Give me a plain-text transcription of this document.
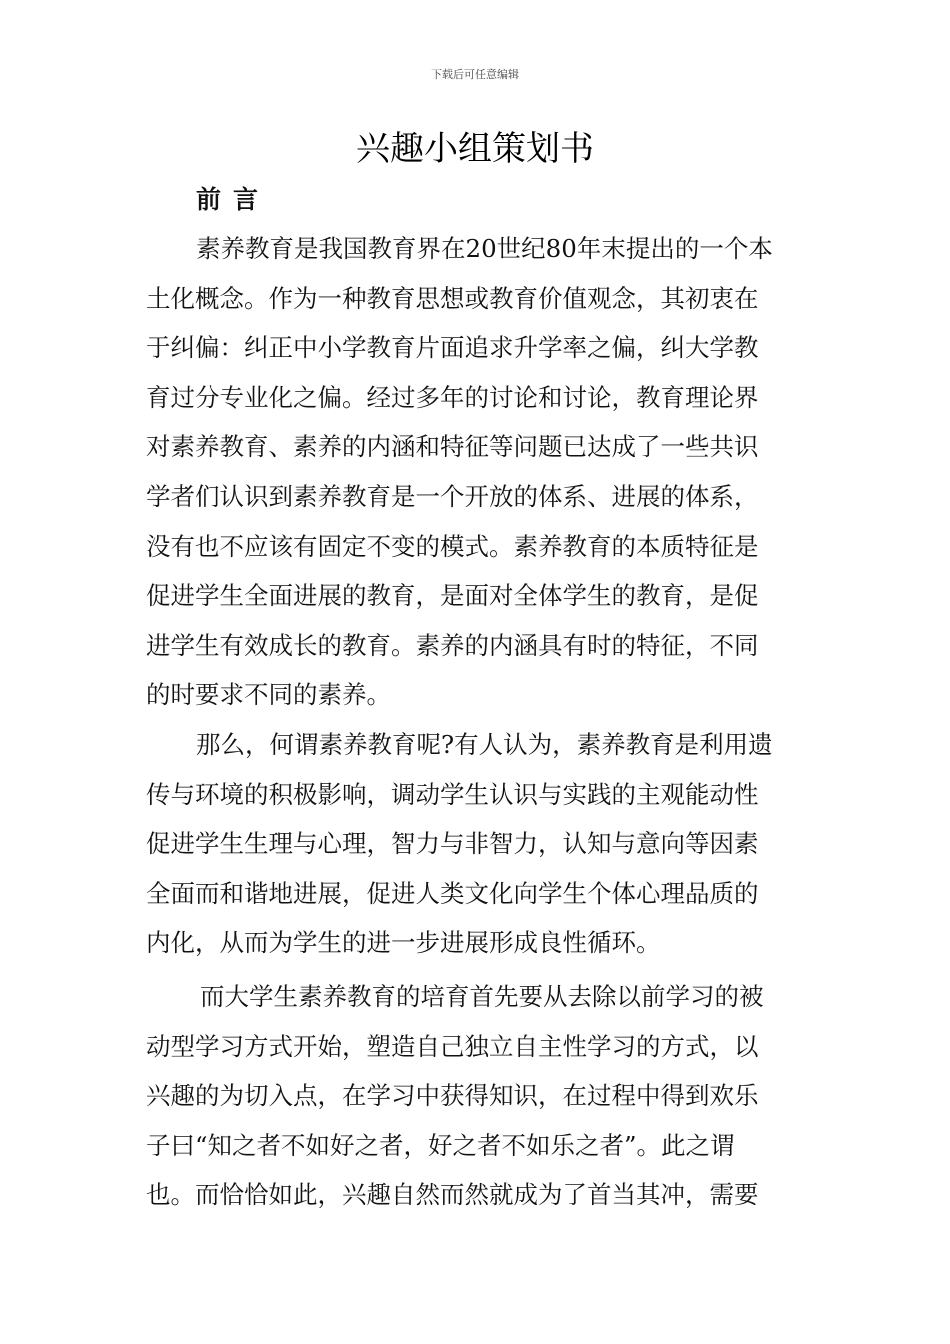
下载后可任意编辑
兴趣小组策划书
前言

素养教育是我国教育界在20世纪80年末提出的一个本
土化概念。作为一种教育思想或教育价值观念，其初衷在
于纠偏：纠正中小学教育片面追求升学率之偏，纠大学教
育过分专业化之偏。经过多年的讨论和讨论，教育理论界
对素养教育、素养的内涵和特征等问题已达成了一些共识
学者们认识到素养教育是一个开放的体系、进展的体系，
没有也不应该有固定不变的模式。素养教育的本质特征是
促进学生全面进展的教育，是面对全体学生的教育，是促
进学生有效成长的教育。素养的内涵具有时的特征，不同
的时要求不同的素养。

那么，何谓素养教育呢?有人认为，素养教育是利用遗
传与环境的积极影响，调动学生认识与实践的主观能动性
促进学生生理与心理，智力与非智力，认知与意向等因素
全面而和谐地进展，促进人类文化向学生个体心理品质的
内化，从而为学生的进一步进展形成良性循环。

而大学生素养教育的培育首先要从去除以前学习的被
动型学习方式开始，塑造自己独立自主性学习的方式，以
兴趣的为切入点，在学习中获得知识，在过程中得到欢乐
子曰“知之者不如好之者，好之者不如乐之者”。此之谓
也。而恰恰如此，兴趣自然而然就成为了首当其冲，需要
